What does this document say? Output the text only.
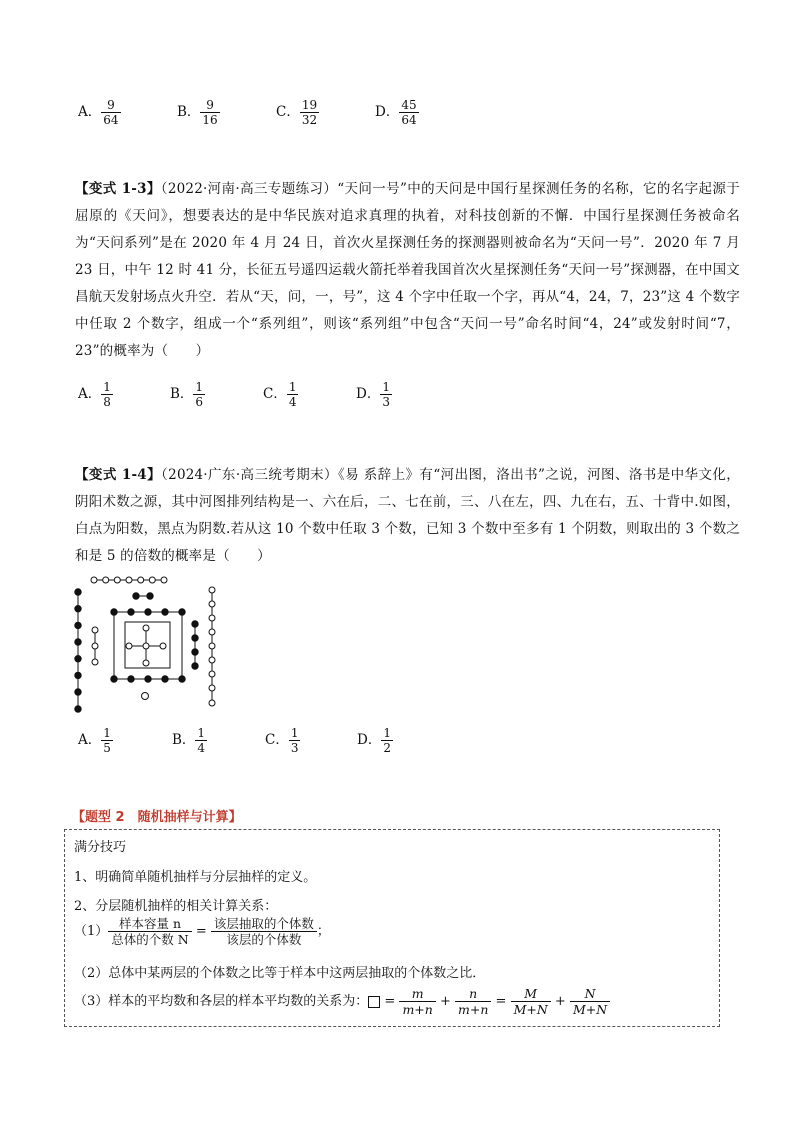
A． $\frac{9}{64}$	B． $\frac{9}{16}$	C． $\frac{19}{32}$	D． $\frac{45}{64}$
【变式 1-3】（2022·河南·高三专题练习）“天问一号”中的天问是中国行星探测任务的名称，它的名字起源于屈原的《天问》，想要表达的是中华民族对追求真理的执着，对科技创新的不懈．中国行星探测任务被命名为“天问系列”是在 2020 年 4 月 24 日，首次火星探测任务的探测器则被命名为“天问一号”．2020 年 7 月 23 日，中午 12 时 41 分，长征五号遥四运载火箭托举着我国首次火星探测任务“天问一号”探测器，在中国文昌航天发射场点火升空．若从“天，问，一，号”，这 4 个字中任取一个字，再从“4，24，7，23”这 4 个数字中任取 2 个数字，组成一个“系列组”，则该“系列组”中包含“天问一号”命名时间“4，24”或发射时间“7，23”的概率为（　　）
A． $\frac{1}{8}$	B． $\frac{1}{6}$	C． $\frac{1}{4}$	D． $\frac{1}{3}$
【变式 1-4】（2024·广东·高三统考期末）《易 系辞上》有“河出图，洛出书”之说，河图、洛书是中华文化，阴阳术数之源，其中河图排列结构是一、六在后，二、七在前，三、八在左，四、九在右，五、十背中.如图，白点为阳数，黑点为阴数.若从这 10 个数中任取 3 个数，已知 3 个数中至多有 1 个阴数，则取出的 3 个数之和是 5 的倍数的概率是（　　）
A． $\frac{1}{5}$	B． $\frac{1}{4}$	C． $\frac{1}{3}$	D． $\frac{1}{2}$
【题型 2　随机抽样与计算】
满分技巧
1、明确简单随机抽样与分层抽样的定义。
2、分层随机抽样的相关计算关系：
（1）
样本容量 n
总体的个数 N
=
该层抽取的个体数
该层的个体数
；
（2）总体中某两层的个体数之比等于样本中这两层抽取的个体数之比．
（3）样本的平均数和各层的样本平均数的关系为： = $\frac{m}{m+n} + \frac{n}{m+n} = \frac{M}{M+N} + \frac{N}{M+N}$
